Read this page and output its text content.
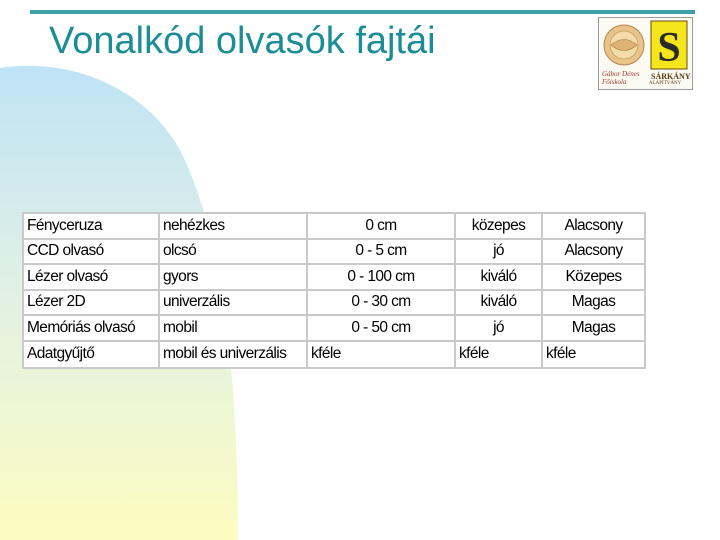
Vonalkód olvasók fajtái	S
Gábor Dénes
Főiskola
SÁRKÁNY
ALAPÍTVÁNY
Fényceruza	nehézkes	0 cm	közepes	Alacsony
CCD olvasó	olcsó	0 - 5 cm	jó	Alacsony
Lézer olvasó	gyors	0 - 100 cm	kiváló	Közepes
Lézer 2D	univerzális	0 - 30 cm	kiváló	Magas
Memóriás olvasó	mobil	0 - 50 cm	jó	Magas
Adatgyűjtő	mobil és univerzális	kféle	kféle	kféle
